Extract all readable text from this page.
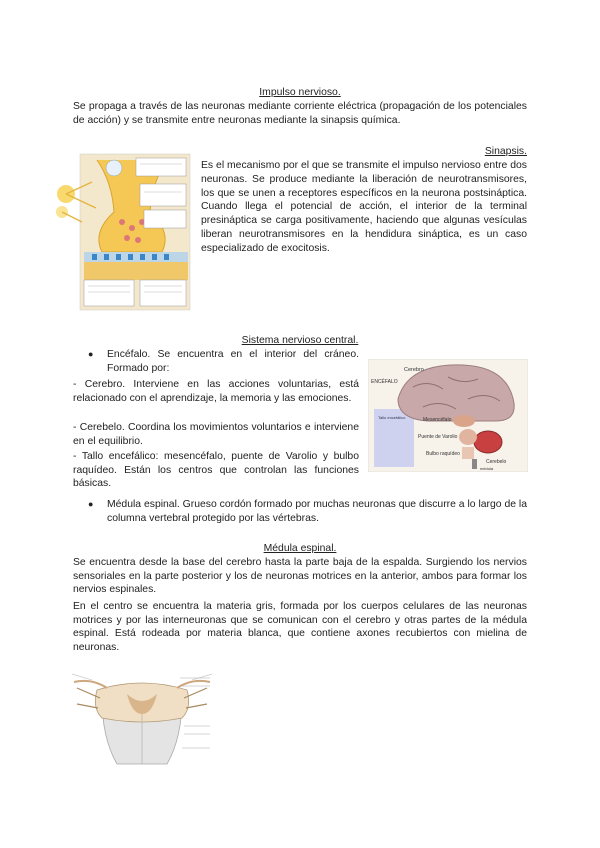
Impulso nervioso.
Se propaga a través de las neuronas mediante corriente eléctrica (propagación de los potenciales de acción) y se transmite entre neuronas mediante la sinapsis química.
Sinapsis.
Es el mecanismo por el que se transmite el impulso nervioso entre dos neuronas. Se produce mediante la liberación de neurotransmisores, los que se unen a receptores específicos en la neurona postsináptica. Cuando llega el potencial de acción, el interior de la terminal presináptica se carga positivamente, haciendo que algunas vesículas liberan neurotransmisores en la hendidura sináptica, es un caso especializado de exocitosis.
Sistema nervioso central.
● Encéfalo. Se encuentra en el interior del cráneo. Formado por:
- Cerebro. Interviene en las acciones voluntarias, está relacionado con el aprendizaje, la memoria y las emociones.
- Cerebelo. Coordina los movimientos voluntarios e interviene en el equilibrio.
- Tallo encefálico: mesencéfalo, puente de Varolio y bulbo raquídeo. Están los centros que controlan las funciones básicas.
Cerebro
ENCÉFALO
Tallo encefálico	Mesencéfalo
Puente de Varolio
Bulbo raquídeo
Cerebelo
médula
● Médula espinal. Grueso cordón formado por muchas neuronas que discurre a lo largo de la columna vertebral protegido por las vértebras.
Médula espinal.
Se encuentra desde la base del cerebro hasta la parte baja de la espalda. Surgiendo los nervios sensoriales en la parte posterior y los de neuronas motrices en la anterior, ambos para formar los nervios espinales.
En el centro se encuentra la materia gris, formada por los cuerpos celulares de las neuronas motrices y por las interneuronas que se comunican con el cerebro y otras partes de la médula espinal. Está rodeada por materia blanca, que contiene axones recubiertos con mielina de neuronas.
